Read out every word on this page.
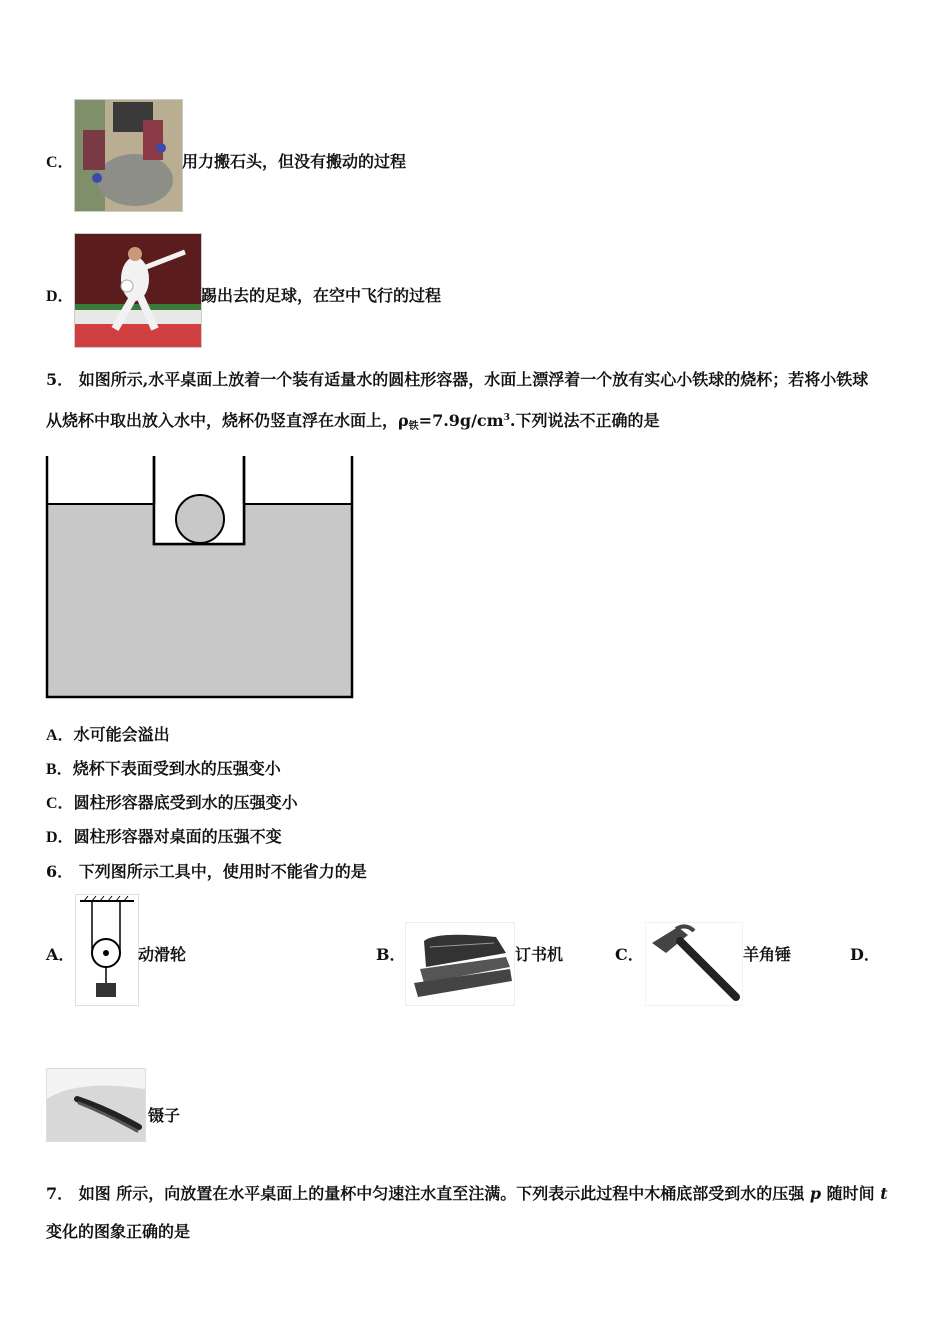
C．	用力搬石头，但没有搬动的过程
D．	踢出去的足球，在空中飞行的过程
5． 如图所示,水平桌面上放着一个装有适量水的圆柱形容器，水面上漂浮着一个放有实心小铁球的烧杯；若将小铁球
从烧杯中取出放入水中，烧杯仍竖直浮在水面上，$\rho_铁=7.9g/cm^3$.下列说法不正确的是
A．水可能会溢出
B．烧杯下表面受到水的压强变小
C．圆柱形容器底受到水的压强变小
D．圆柱形容器对桌面的压强不变
6． 下列图所示工具中，使用时不能省力的是
A．	动滑轮	B．	订书机	C．	羊角锤	D．
镊子
7． 如图 所示，向放置在水平桌面上的量杯中匀速注水直至注满。下列表示此过程中木桶底部受到水的压强 p 随时间 t
变化的图象正确的是
